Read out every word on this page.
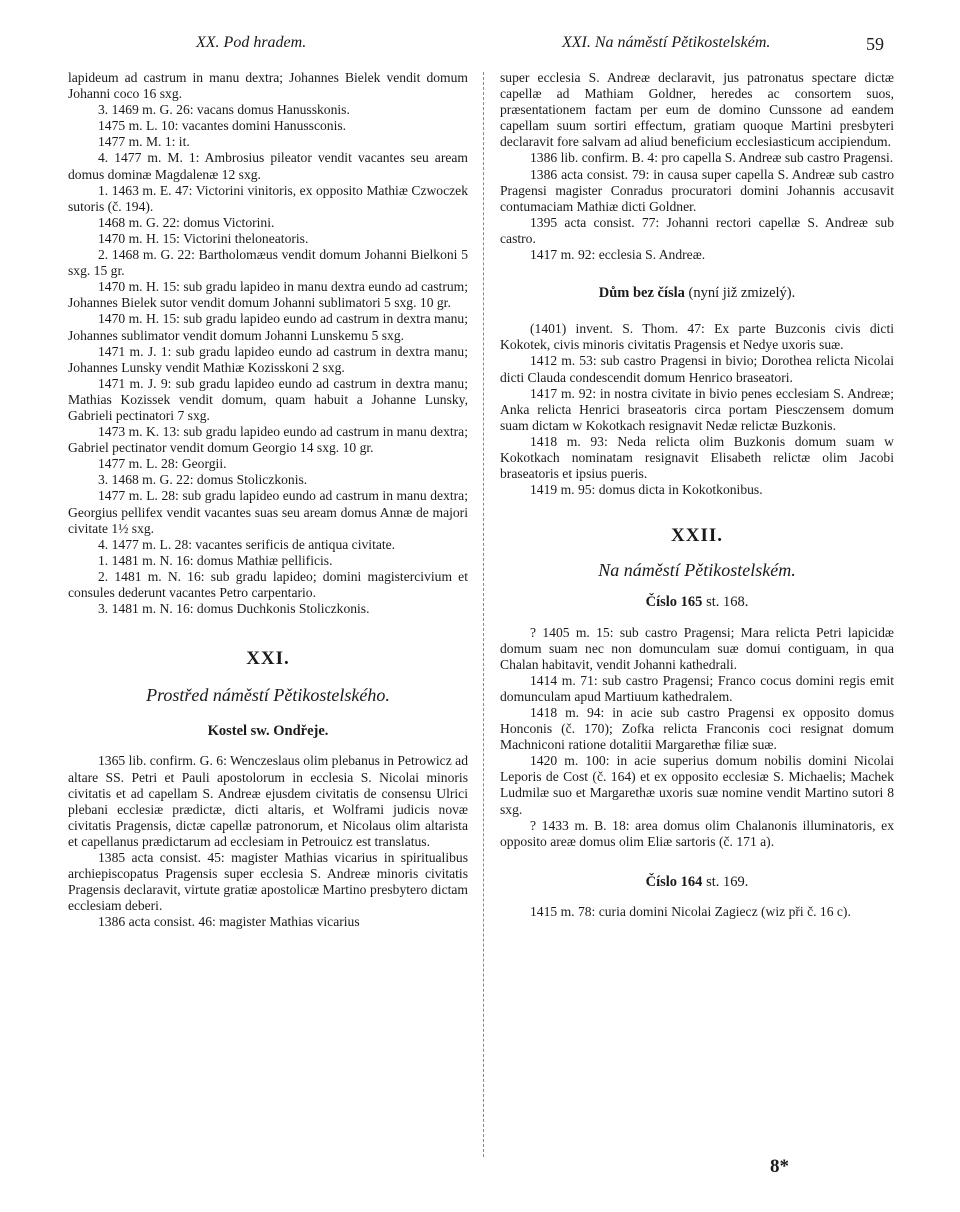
XX. Pod hradem.	XXI. Na náměstí Pětikostelském.	59

lapideum ad castrum in manu dextra; Johannes Bielek vendit domum Johanni coco 16 sxg.

3. 1469 m. G. 26: vacans domus Hanusskonis.

1475 m. L. 10: vacantes domini Hanussconis.

1477 m. M. 1: it.

4. 1477 m. M. 1: Ambrosius pileator vendit vacantes seu aream domus dominæ Magdalenæ 12 sxg.

1. 1463 m. E. 47: Victorini vinitoris, ex opposito Mathiæ Czwoczek sutoris (č. 194).

1468 m. G. 22: domus Victorini.

1470 m. H. 15: Victorini theloneatoris.

2. 1468 m. G. 22: Bartholomæus vendit domum Johanni Bielkoni 5 sxg. 15 gr.

1470 m. H. 15: sub gradu lapideo in manu dextra eundo ad castrum; Johannes Bielek sutor vendit domum Johanni sublimatori 5 sxg. 10 gr.

1470 m. H. 15: sub gradu lapideo eundo ad castrum in dextra manu; Johannes sublimator vendit domum Johanni Lunskemu 5 sxg.

1471 m. J. 1: sub gradu lapideo eundo ad castrum in dextra manu; Johannes Lunsky vendit Mathiæ Kozisskoni 2 sxg.

1471 m. J. 9: sub gradu lapideo eundo ad castrum in dextra manu; Mathias Kozissek vendit domum, quam habuit a Johanne Lunsky, Gabrieli pectinatori 7 sxg.

1473 m. K. 13: sub gradu lapideo eundo ad castrum in manu dextra; Gabriel pectinator vendit domum Georgio 14 sxg. 10 gr.

1477 m. L. 28: Georgii.

3. 1468 m. G. 22: domus Stoliczkonis.

1477 m. L. 28: sub gradu lapideo eundo ad castrum in manu dextra; Georgius pellifex vendit vacantes suas seu aream domus Annæ de majori civitate 1½ sxg.

4. 1477 m. L. 28: vacantes serificis de antiqua civitate.

1. 1481 m. N. 16: domus Mathiæ pellificis.

2. 1481 m. N. 16: sub gradu lapideo; domini magistercivium et consules dederunt vacantes Petro carpentario.

3. 1481 m. N. 16: domus Duchkonis Stoliczkonis.

XXI.
Prostřed náměstí Pětikostelského.
Kostel sw. Ondřeje.

1365 lib. confirm. G. 6: Wenczeslaus olim plebanus in Petrowicz ad altare SS. Petri et Pauli apostolorum in ecclesia S. Nicolai minoris civitatis et ad capellam S. Andreæ ejusdem civitatis de consensu Ulrici plebani ecclesiæ prædictæ, dicti altaris, et Wolframi judicis novæ civitatis Pragensis, dictæ capellæ patronorum, et Nicolaus olim altarista et capellanus prædictarum ad ecclesiam in Petrouicz est translatus.

1385 acta consist. 45: magister Mathias vicarius in spiritualibus archiepiscopatus Pragensis super ecclesia S. Andreæ minoris civitatis Pragensis declaravit, virtute gratiæ apostolicæ Martino presbytero dictam ecclesiam deberi.

1386 acta consist. 46: magister Mathias vicarius

super ecclesia S. Andreæ declaravit, jus patronatus spectare dictæ capellæ ad Mathiam Goldner, heredes ac consortem suos, præsentationem factam per eum de domino Cunssone ad eandem capellam suum sortiri effectum, gratiam quoque Martini presbyteri declaravit fore salvam ad aliud beneficium ecclesiasticum accipiendum.

1386 lib. confirm. B. 4: pro capella S. Andreæ sub castro Pragensi.

1386 acta consist. 79: in causa super capella S. Andreæ sub castro Pragensi magister Conradus procuratori domini Johannis accusavit contumaciam Mathiæ dicti Goldner.

1395 acta consist. 77: Johanni rectori capellæ S. Andreæ sub castro.

1417 m. 92: ecclesia S. Andreæ.

Dům bez čísla (nyní již zmizelý).

(1401) invent. S. Thom. 47: Ex parte Buzconis civis dicti Kokotek, civis minoris civitatis Pragensis et Nedye uxoris suæ.

1412 m. 53: sub castro Pragensi in bivio; Dorothea relicta Nicolai dicti Clauda condescendit domum Henrico braseatori.

1417 m. 92: in nostra civitate in bivio penes ecclesiam S. Andreæ; Anka relicta Henrici braseatoris circa portam Piesczensem domum suam dictam w Kokotkach resignavit Nedæ relictæ Buzkonis.

1418 m. 93: Neda relicta olim Buzkonis domum suam w Kokotkach nominatam resignavit Elisabeth relictæ olim Jacobi braseatoris et ipsius pueris.

1419 m. 95: domus dicta in Kokotkonibus.

XXII.
Na náměstí Pětikostelském.
Číslo 165 st. 168.

? 1405 m. 15: sub castro Pragensi; Mara relicta Petri lapicidæ domum suam nec non domunculam suæ domui contiguam, in qua Chalan habitavit, vendit Johanni kathedrali.

1414 m. 71: sub castro Pragensi; Franco cocus domini regis emit domunculam apud Martiuum kathedralem.

1418 m. 94: in acie sub castro Pragensi ex opposito domus Honconis (č. 170); Zofka relicta Franconis coci resignat domum Machniconi ratione dotalitii Margarethæ filiæ suæ.

1420 m. 100: in acie superius domum nobilis domini Nicolai Leporis de Cost (č. 164) et ex opposito ecclesiæ S. Michaelis; Machek Ludmilæ suo et Margarethæ uxoris suæ nomine vendit Martino sutori 8 sxg.

? 1433 m. B. 18: area domus olim Chalanonis illuminatoris, ex opposito areæ domus olim Eliæ sartoris (č. 171 a).

Číslo 164 st. 169.

1415 m. 78: curia domini Nicolai Zagiecz (wiz při č. 16 c).

8*
